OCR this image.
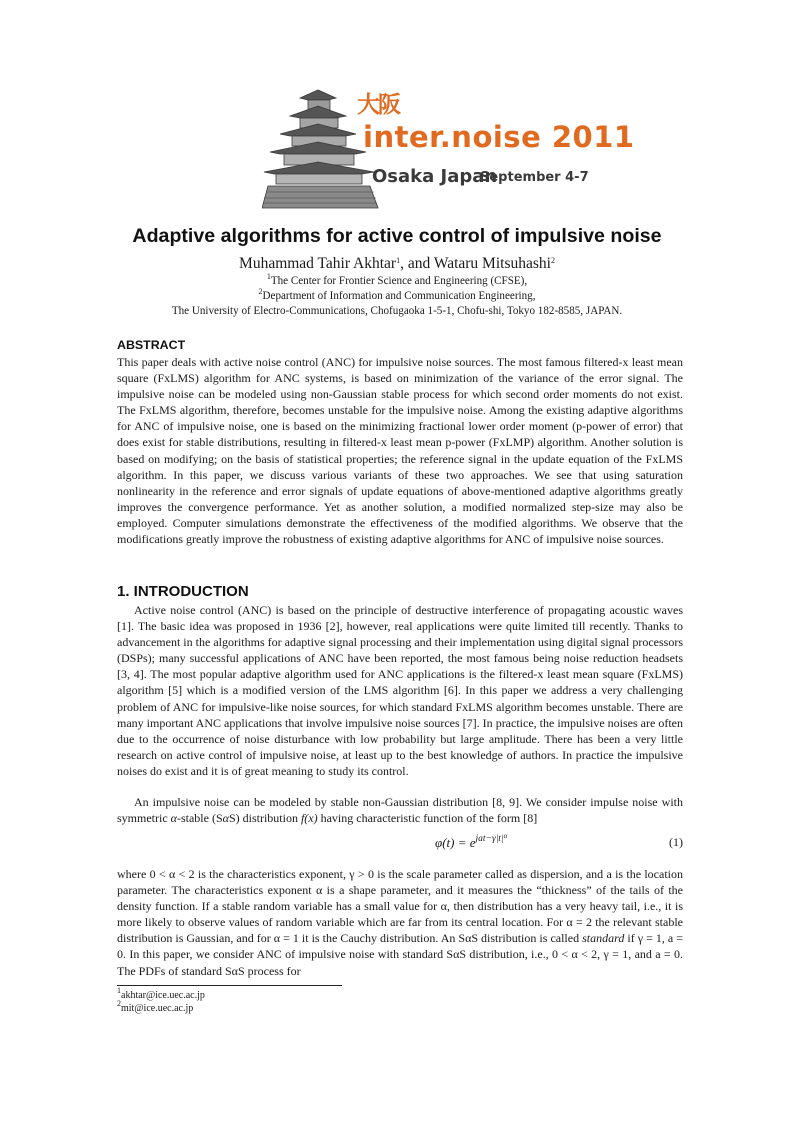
大阪
inter.noise 2011
Osaka Japan
September 4-7
Adaptive algorithms for active control of impulsive noise
Muhammad Tahir Akhtar$^1$, and Wataru Mitsuhashi$^2$
$^1$The Center for Frontier Science and Engineering (CFSE),
$^2$Department of Information and Communication Engineering,
The University of Electro-Communications, Chofugaoka 1-5-1, Chofu-shi, Tokyo 182-8585, JAPAN.
ABSTRACT
This paper deals with active noise control (ANC) for impulsive noise sources. The most famous filtered-x least mean square (FxLMS) algorithm for ANC systems, is based on minimization of the variance of the error signal. The impulsive noise can be modeled using non-Gaussian stable process for which second order moments do not exist. The FxLMS algorithm, therefore, becomes unstable for the impulsive noise. Among the existing adaptive algorithms for ANC of impulsive noise, one is based on the minimizing fractional lower order moment (p-power of error) that does exist for stable distributions, resulting in filtered-x least mean p-power (FxLMP) algorithm. Another solution is based on modifying; on the basis of statistical properties; the reference signal in the update equation of the FxLMS algorithm. In this paper, we discuss various variants of these two approaches. We see that using saturation nonlinearity in the reference and error signals of update equations of above-mentioned adaptive algorithms greatly improves the convergence performance. Yet as another solution, a modified normalized step-size may also be employed. Computer simulations demonstrate the effectiveness of the modified algorithms. We observe that the modifications greatly improve the robustness of existing adaptive algorithms for ANC of impulsive noise sources.
1. INTRODUCTION
Active noise control (ANC) is based on the principle of destructive interference of propagating acoustic waves [1]. The basic idea was proposed in 1936 [2], however, real applications were quite limited till recently. Thanks to advancement in the algorithms for adaptive signal processing and their implementation using digital signal processors (DSPs); many successful applications of ANC have been reported, the most famous being noise reduction headsets [3, 4]. The most popular adaptive algorithm used for ANC applications is the filtered-x least mean square (FxLMS) algorithm [5] which is a modified version of the LMS algorithm [6]. In this paper we address a very challenging problem of ANC for impulsive-like noise sources, for which standard FxLMS algorithm becomes unstable. There are many important ANC applications that involve impulsive noise sources [7]. In practice, the impulsive noises are often due to the occurrence of noise disturbance with low probability but large amplitude. There has been a very little research on active control of impulsive noise, at least up to the best knowledge of authors. In practice the impulsive noises do exist and it is of great meaning to study its control.
An impulsive noise can be modeled by stable non-Gaussian distribution [8, 9]. We consider impulse noise with symmetric α-stable (SαS) distribution f(x) having characteristic function of the form [8]
$\varphi(t) = e^{jat-\gamma|t|^\alpha}$	(1)
where 0 < α < 2 is the characteristics exponent, γ > 0 is the scale parameter called as dispersion, and a is the location parameter. The characteristics exponent α is a shape parameter, and it measures the “thickness” of the tails of the density function. If a stable random variable has a small value for α, then distribution has a very heavy tail, i.e., it is more likely to observe values of random variable which are far from its central location. For α = 2 the relevant stable distribution is Gaussian, and for α = 1 it is the Cauchy distribution. An SαS distribution is called standard if γ = 1, a = 0. In this paper, we consider ANC of impulsive noise with standard SαS distribution, i.e., 0 < α < 2, γ = 1, and a = 0. The PDFs of standard SαS process for
$^1$akhtar@ice.uec.ac.jp
$^2$mit@ice.uec.ac.jp
